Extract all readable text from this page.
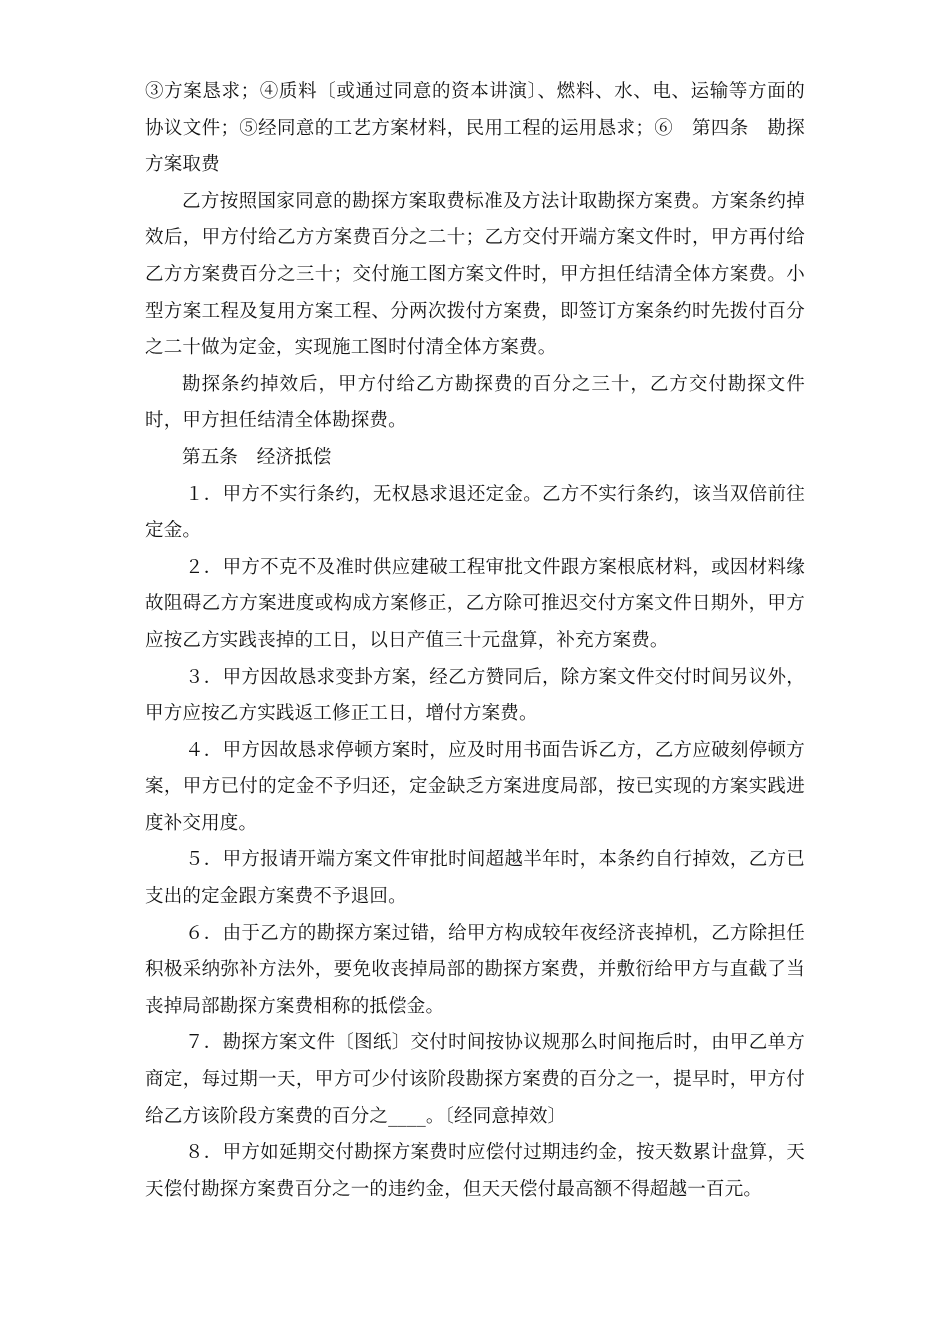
③方案恳求；④质料〔或通过同意的资本讲演〕、燃料、水、电、运输等方面的协议文件；⑤经同意的工艺方案材料，民用工程的运用恳求；⑥　第四条　勘探方案取费

乙方按照国家同意的勘探方案取费标准及方法计取勘探方案费。方案条约掉效后，甲方付给乙方方案费百分之二十；乙方交付开端方案文件时，甲方再付给乙方方案费百分之三十；交付施工图方案文件时，甲方担任结清全体方案费。小型方案工程及复用方案工程、分两次拨付方案费，即签订方案条约时先拨付百分之二十做为定金，实现施工图时付清全体方案费。

勘探条约掉效后，甲方付给乙方勘探费的百分之三十，乙方交付勘探文件时，甲方担任结清全体勘探费。

第五条　经济抵偿

１．甲方不实行条约，无权恳求退还定金。乙方不实行条约，该当双倍前往定金。

２．甲方不克不及准时供应建破工程审批文件跟方案根底材料，或因材料缘故阻碍乙方方案进度或构成方案修正，乙方除可推迟交付方案文件日期外，甲方应按乙方实践丧掉的工日，以日产值三十元盘算，补充方案费。

３．甲方因故恳求变卦方案，经乙方赞同后，除方案文件交付时间另议外，甲方应按乙方实践返工修正工日，增付方案费。

４．甲方因故恳求停顿方案时，应及时用书面告诉乙方，乙方应破刻停顿方案，甲方已付的定金不予归还，定金缺乏方案进度局部，按已实现的方案实践进度补交用度。

５．甲方报请开端方案文件审批时间超越半年时，本条约自行掉效，乙方已支出的定金跟方案费不予退回。

６．由于乙方的勘探方案过错，给甲方构成较年夜经济丧掉机，乙方除担任积极采纳弥补方法外，要免收丧掉局部的勘探方案费，并敷衍给甲方与直截了当丧掉局部勘探方案费相称的抵偿金。

７．勘探方案文件〔图纸〕交付时间按协议规那么时间拖后时，由甲乙单方商定，每过期一天，甲方可少付该阶段勘探方案费的百分之一，提早时，甲方付给乙方该阶段方案费的百分之____。〔经同意掉效〕

８．甲方如延期交付勘探方案费时应偿付过期违约金，按天数累计盘算，天天偿付勘探方案费百分之一的违约金，但天天偿付最高额不得超越一百元。
